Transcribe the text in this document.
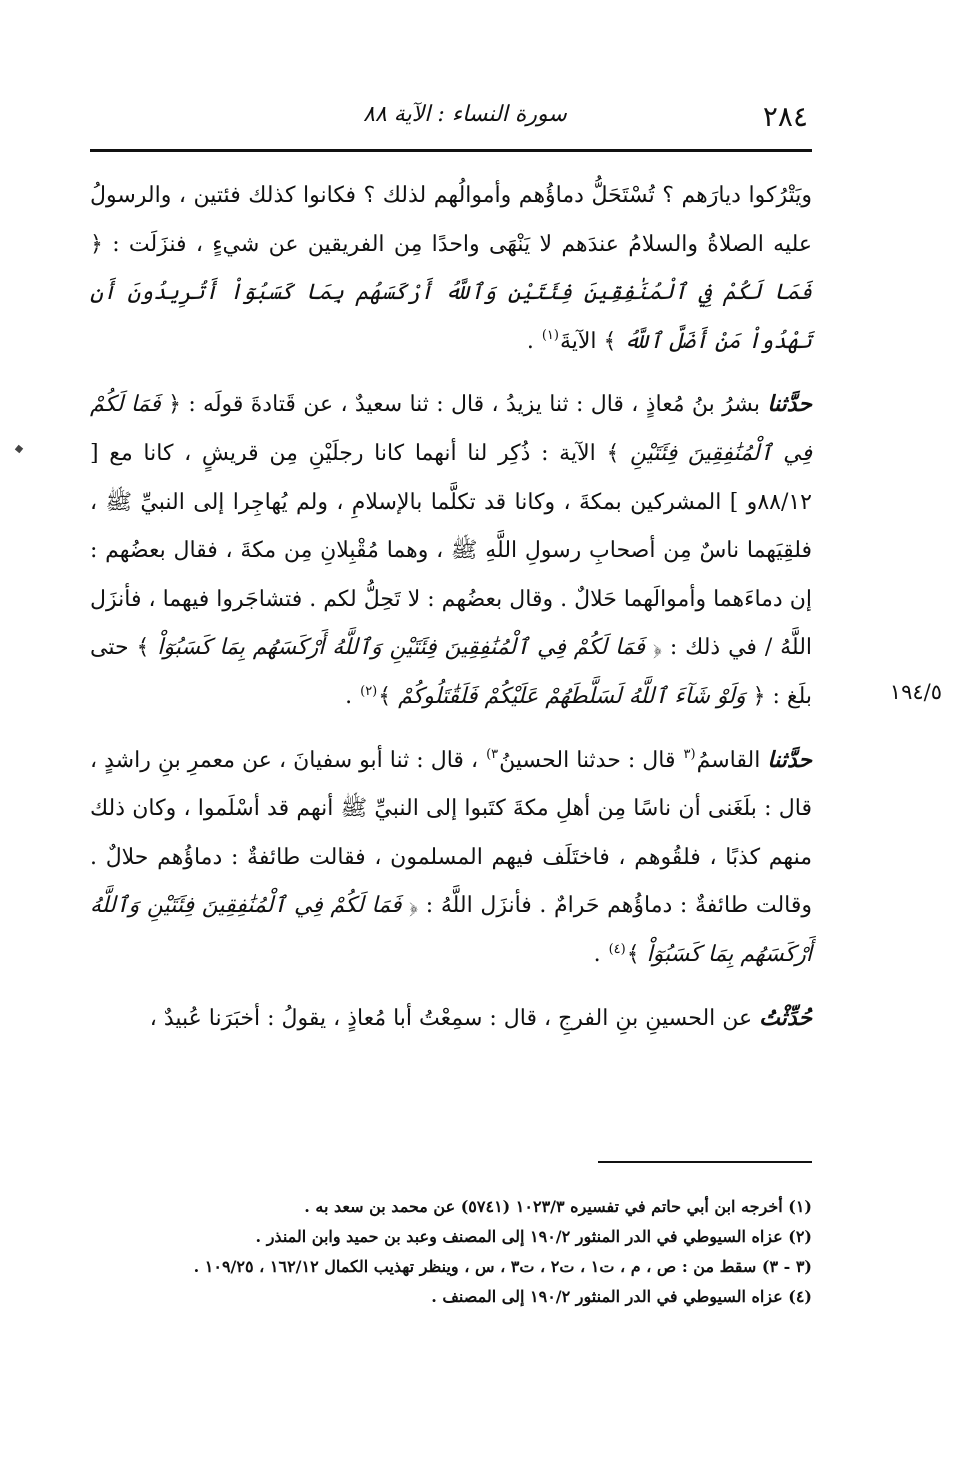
٢٨٤
سورة النساء : الآية ٨٨
١٩٤/٥

ويَتْرُكوا ديارَهم ؟ تُسْتَحَلُّ دماؤُهم وأموالُهم لذلك ؟ فكانوا كذلك فئتين ، والرسولُ عليه الصلاةُ والسلامُ عندَهم لا يَنْهَى واحدًا مِن الفريقين عن شيءٍ ، فنزَلَت : ﴿ فَمَا لَكُمْ فِي ٱلْمُنَٰفِقِينَ فِئَتَيْنِ وَٱللَّهُ أَرْكَسَهُم بِمَا كَسَبُوٓاْ أَتُرِيدُونَ أَن تَهْدُواْ مَنْ أَضَلَّ ٱللَّهُ ﴾ الآيةَ$^{(١)}$ .

حدَّثنا بشرُ بنُ مُعاذٍ ، قال : ثنا يزيدُ ، قال : ثنا سعيدٌ ، عن قَتادةَ قولَه : ﴿ فَمَا لَكُمْ فِي ٱلْمُنَٰفِقِينَ فِئَتَيْنِ ﴾ الآية : ذُكِر لنا أنهما كانا رجلَيْنِ مِن قريشٍ ، كانا مع [ ٨٨/١٢و ] المشركين بمكةَ ، وكانا قد تكلَّما بالإسلامِ ، ولم يُهاجِرا إلى النبيِّ ﷺ ، فلقِيَهما ناسٌ مِن أصحابِ رسولِ اللَّهِ ﷺ ، وهما مُقْبِلانِ مِن مكةَ ، فقال بعضُهم : إن دماءَهما وأموالَهما حَلالٌ . وقال بعضُهم : لا تَحِلُّ لكم . فتشاجَروا فيهما ، فأنزَل اللَّهُ / في ذلك : ﴿ فَمَا لَكُمْ فِي ٱلْمُنَٰفِقِينَ فِئَتَيْنِ وَٱللَّهُ أَرْكَسَهُم بِمَا كَسَبُوٓاْ ﴾ حتى بلَغ : ﴿ وَلَوْ شَآءَ ٱللَّهُ لَسَلَّطَهُمْ عَلَيْكُمْ فَلَقَٰتَلُوكُمْ ﴾$^{(٢)}$ .

حدَّثنا القاسمُ$^{(٣}$ قال : حدثنا الحسينُ$^{٣)}$ ، قال : ثنا أبو سفيانَ ، عن معمرِ بنِ راشدٍ ، قال : بلَغَنى أن ناسًا مِن أهلِ مكةَ كتَبوا إلى النبيِّ ﷺ أنهم قد أسْلَموا ، وكان ذلك منهم كذبًا ، فلقُوهم ، فاختَلَف فيهم المسلمون ، فقالت طائفةٌ : دماؤُهم حلالٌ . وقالت طائفةٌ : دماؤُهم حَرامٌ . فأنزَل اللَّهُ : ﴿ فَمَا لَكُمْ فِي ٱلْمُنَٰفِقِينَ فِئَتَيْنِ وَٱللَّهُ أَرْكَسَهُم بِمَا كَسَبُوٓاْ ﴾$^{(٤)}$ .

حُدِّثْتُ عن الحسينِ بنِ الفرجِ ، قال : سمِعْتُ أبا مُعاذٍ ، يقولُ : أخبَرَنا عُبيدٌ ،

(١) أخرجه ابن أبي حاتم في تفسيره ١٠٢٣/٣ (٥٧٤١) عن محمد بن سعد به .

(٢) عزاه السيوطي في الدر المنثور ١٩٠/٢ إلى المصنف وعبد بن حميد وابن المنذر .

(٣ - ٣) سقط من : ص ، م ، ت١ ، ت٢ ، ت٣ ، س ، وينظر تهذيب الكمال ١٦٢/١٢ ، ١٠٩/٢٥ .

(٤) عزاه السيوطي في الدر المنثور ١٩٠/٢ إلى المصنف .
